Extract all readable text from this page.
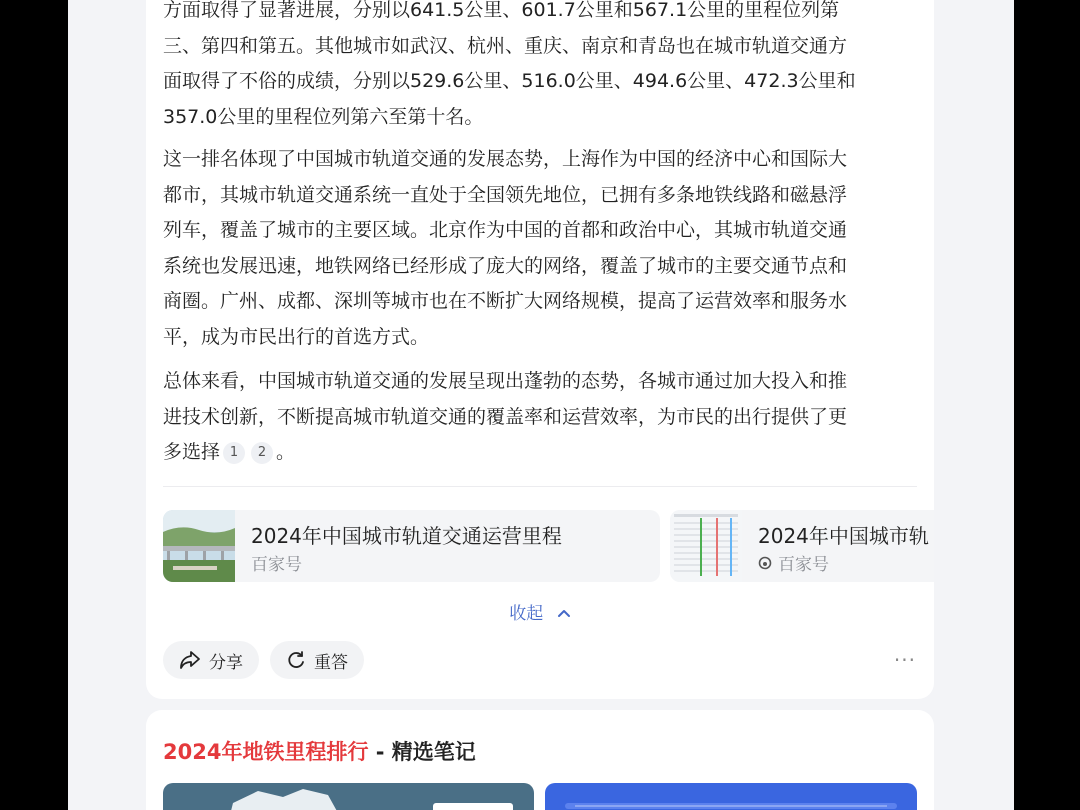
方面取得了显著进展，分别以641.5公里、601.7公里和567.1公里的里程位列第
三、第四和第五。其他城市如武汉、杭州、重庆、南京和青岛也在城市轨道交通方
面取得了不俗的成绩，分别以529.6公里、516.0公里、494.6公里、472.3公里和
357.0公里的里程位列第六至第十名。
这一排名体现了中国城市轨道交通的发展态势，上海作为中国的经济中心和国际大
都市，其城市轨道交通系统一直处于全国领先地位，已拥有多条地铁线路和磁悬浮
列车，覆盖了城市的主要区域。北京作为中国的首都和政治中心，其城市轨道交通
系统也发展迅速，地铁网络已经形成了庞大的网络，覆盖了城市的主要交通节点和
商圈。广州、成都、深圳等城市也在不断扩大网络规模，提高了运营效率和服务水
平，成为市民出行的首选方式。
总体来看，中国城市轨道交通的发展呈现出蓬勃的态势，各城市通过加大投入和推
进技术创新，不断提高城市轨道交通的覆盖率和运营效率，为市民的出行提供了更
多选择 1 2 。
2024年中国城市轨道交通运营里程
百家号
2024年中国城市轨
百家号
收起
分享	重答	···
2024年地铁里程排行 - 精选笔记
